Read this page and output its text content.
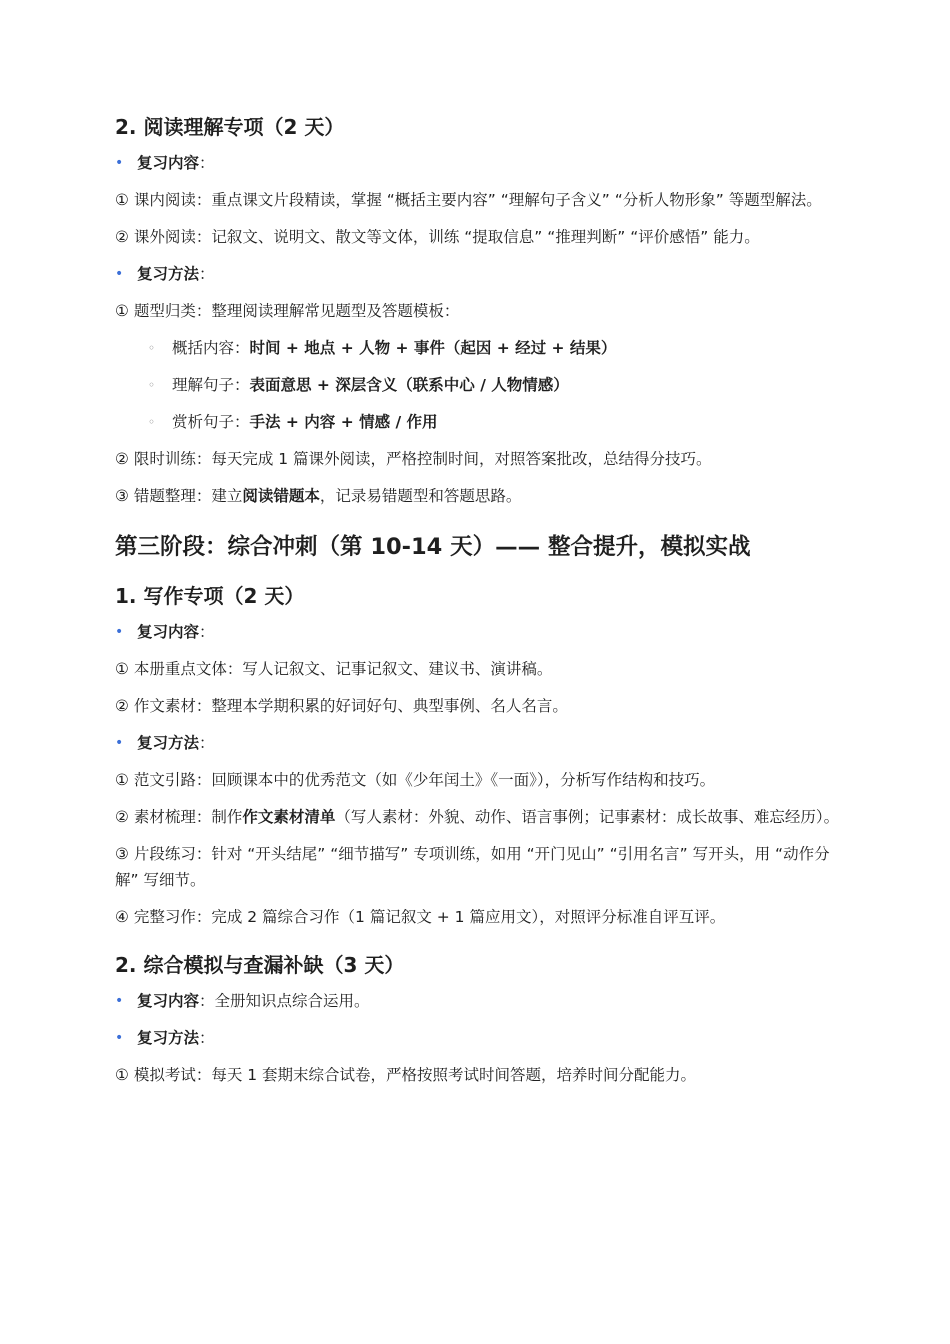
2. 阅读理解专项（2 天）
• 复习内容：
① 课内阅读：重点课文片段精读，掌握 “概括主要内容” “理解句子含义” “分析人物形象” 等题型解法。
② 课外阅读：记叙文、说明文、散文等文体，训练 “提取信息” “推理判断” “评价感悟” 能力。
• 复习方法：
① 题型归类：整理阅读理解常见题型及答题模板：
◦ 概括内容：时间 + 地点 + 人物 + 事件（起因 + 经过 + 结果）
◦ 理解句子：表面意思 + 深层含义（联系中心 / 人物情感）
◦ 赏析句子：手法 + 内容 + 情感 / 作用
② 限时训练：每天完成 1 篇课外阅读，严格控制时间，对照答案批改，总结得分技巧。
③ 错题整理：建立阅读错题本，记录易错题型和答题思路。
第三阶段：综合冲刺（第 10-14 天）—— 整合提升，模拟实战
1. 写作专项（2 天）
• 复习内容：
① 本册重点文体：写人记叙文、记事记叙文、建议书、演讲稿。
② 作文素材：整理本学期积累的好词好句、典型事例、名人名言。
• 复习方法：
① 范文引路：回顾课本中的优秀范文（如《少年闰土》《一面》），分析写作结构和技巧。
② 素材梳理：制作作文素材清单（写人素材：外貌、动作、语言事例；记事素材：成长故事、难忘经历）。
③ 片段练习：针对 “开头结尾” “细节描写” 专项训练，如用 “开门见山” “引用名言” 写开头，用 “动作分解” 写细节。
④ 完整习作：完成 2 篇综合习作（1 篇记叙文 + 1 篇应用文），对照评分标准自评互评。
2. 综合模拟与查漏补缺（3 天）
• 复习内容：全册知识点综合运用。
• 复习方法：
① 模拟考试：每天 1 套期末综合试卷，严格按照考试时间答题，培养时间分配能力。
